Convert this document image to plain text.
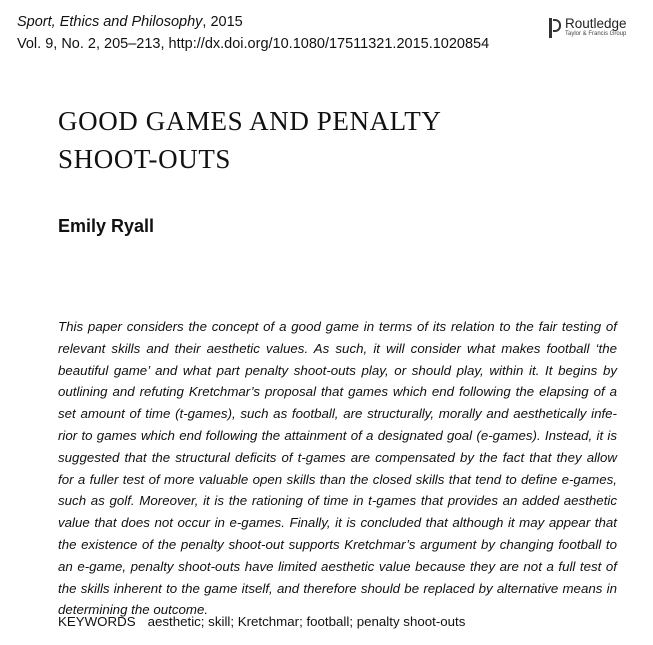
Sport, Ethics and Philosophy, 2015
Vol. 9, No. 2, 205–213, http://dx.doi.org/10.1080/17511321.2015.1020854
Routledge
Taylor & Francis Group
GOOD GAMES AND PENALTY
SHOOT-OUTS
Emily Ryall
This paper considers the concept of a good game in terms of its relation to the fair testing of
relevant skills and their aesthetic values. As such, it will consider what makes football ‘the
beautiful game’ and what part penalty shoot-outs play, or should play, within it. It begins by
outlining and refuting Kretchmar’s proposal that games which end following the elapsing of a
set amount of time (t-games), such as football, are structurally, morally and aesthetically infe-
rior to games which end following the attainment of a designated goal (e-games). Instead, it is
suggested that the structural deficits of t-games are compensated by the fact that they allow
for a fuller test of more valuable open skills than the closed skills that tend to define e-games,
such as golf. Moreover, it is the rationing of time in t-games that provides an added aesthetic
value that does not occur in e-games. Finally, it is concluded that although it may appear that
the existence of the penalty shoot-out supports Kretchmar’s argument by changing football to
an e-game, penalty shoot-outs have limited aesthetic value because they are not a full test of
the skills inherent to the game itself, and therefore should be replaced by alternative means in
determining the outcome.
KEYWORDS aesthetic; skill; Kretchmar; football; penalty shoot-outs
